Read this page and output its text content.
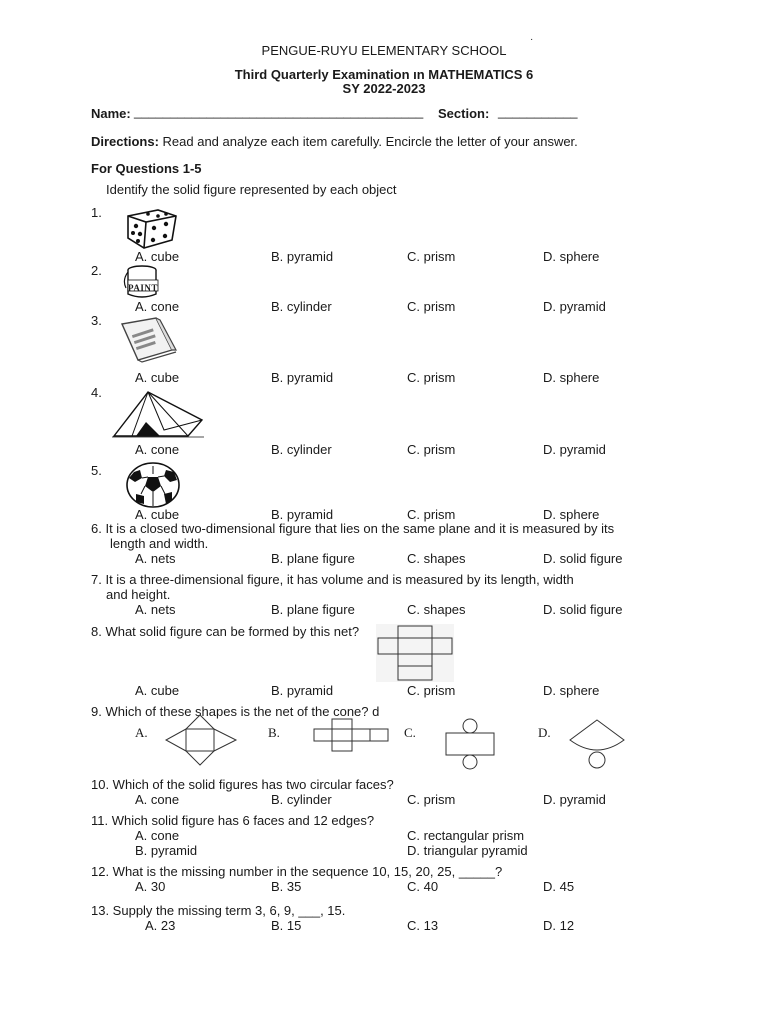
·
PENGUE-RUYU ELEMENTARY SCHOOL
Third Quarterly Examination ın MATHEMATICS 6
SY 2022-2023
Name: ________________________________________ Section: ___________
Directions: Read and analyze each item carefully. Encircle the letter of your answer.
For Questions 1-5
Identify the solid figure represented by each object
1.
A. cube	B. pyramid	C. prism	D. sphere
2.
PAINT
A. cone	B. cylinder	C. prism	D. pyramid
3.
A. cube	B. pyramid	C. prism	D. sphere
4.
A. cone	B. cylinder	C. prism	D. pyramid
5.
A. cube	B. pyramid	C. prism	D. sphere
6. It is a closed two-dimensional figure that lies on the same plane and it is measured by its
length and width.
A. nets	B. plane figure	C. shapes	D. solid figure
7. It is a three-dimensional figure, it has volume and is measured by its length, width
and height.
A. nets	B. plane figure	C. shapes	D. solid figure
8. What solid figure can be formed by this net?
A. cube	B. pyramid	C. prism	D. sphere
9. Which of these shapes is the net of the cone? d
A.	B.	C.	D.
10. Which of the solid figures has two circular faces?
A. cone	B. cylinder	C. prism	D. pyramid
11. Which solid figure has 6 faces and 12 edges?
A. cone	C. rectangular prism
B. pyramid	D. triangular pyramid
12. What is the missing number in the sequence 10, 15, 20, 25, _____?
A. 30	B. 35	C. 40	D. 45
13. Supply the missing term 3, 6, 9, ___, 15.
A. 23	B. 15	C. 13	D. 12
